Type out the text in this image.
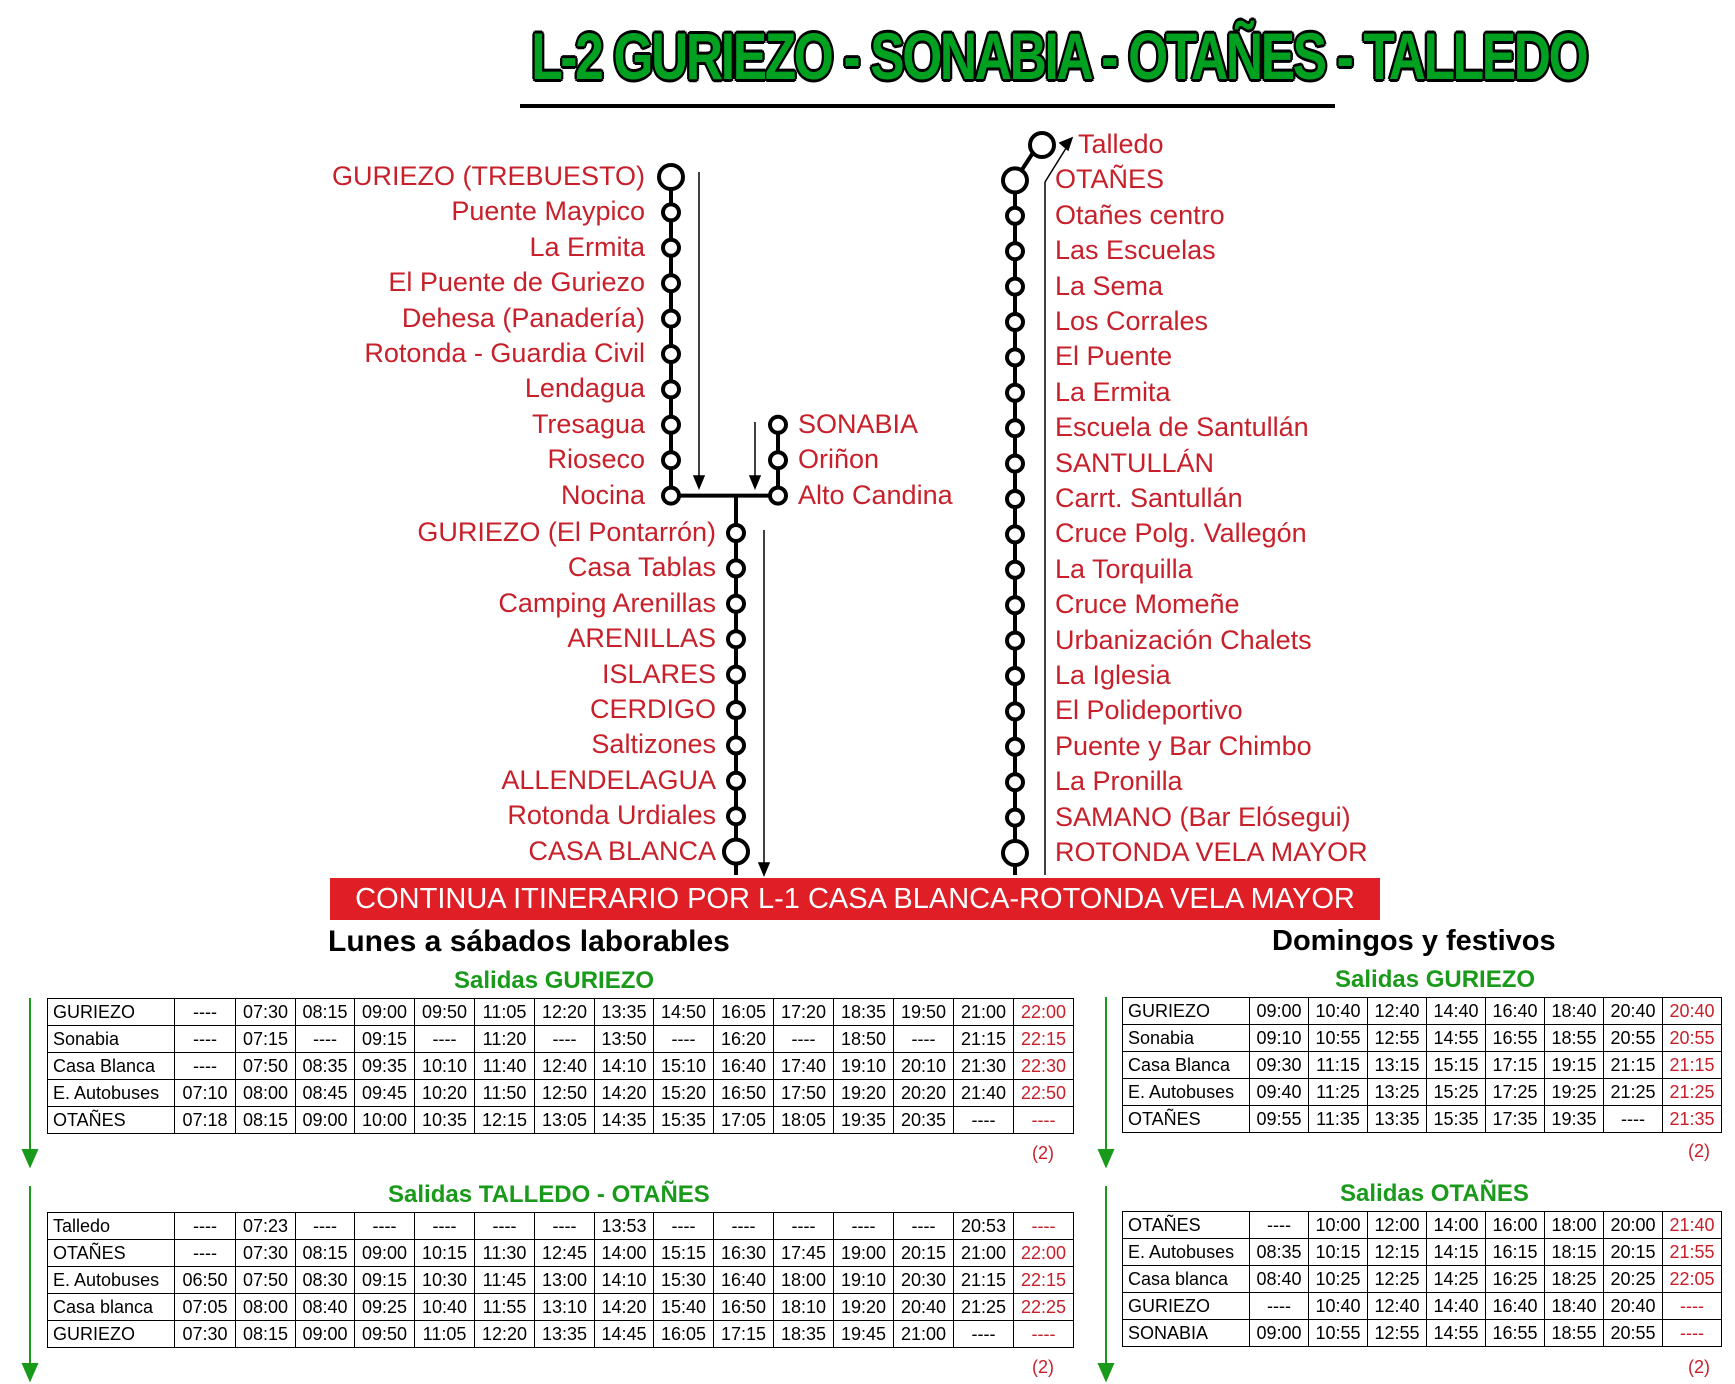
L-2 GURIEZO - SONABIA - OTAÑES - TALLEDO
GURIEZO (TREBUESTO)
Puente Maypico
La Ermita
El Puente de Guriezo
Dehesa (Panadería)
Rotonda - Guardia Civil
Lendagua
Tresagua
Rioseco
Nocina
SONABIA
Oriñon
Alto Candina
GURIEZO (El Pontarrón)
Casa Tablas
Camping Arenillas
ARENILLAS
ISLARES
CERDIGO
Saltizones
ALLENDELAGUA
Rotonda Urdiales
CASA BLANCA
Talledo
OTAÑES
Otañes centro
Las Escuelas
La Sema
Los Corrales
El Puente
La Ermita
Escuela de Santullán
SANTULLÁN
Carrt. Santullán
Cruce Polg. Vallegón
La Torquilla
Cruce Momeñe
Urbanización Chalets
La Iglesia
El Polideportivo
Puente y Bar Chimbo
La Pronilla
SAMANO (Bar Elósegui)
ROTONDA VELA MAYOR
CONTINUA ITINERARIO POR L-1 CASA BLANCA-ROTONDA VELA MAYOR
Lunes a sábados laborables	Domingos y festivos
Salidas GURIEZO
Salidas TALLEDO - OTAÑES
Salidas GURIEZO
Salidas OTAÑES
GURIEZO	----	07:30	08:15	09:00	09:50	11:05	12:20	13:35	14:50	16:05	17:20	18:35	19:50	21:00	22:00
Sonabia	----	07:15	----	09:15	----	11:20	----	13:50	----	16:20	----	18:50	----	21:15	22:15
Casa Blanca	----	07:50	08:35	09:35	10:10	11:40	12:40	14:10	15:10	16:40	17:40	19:10	20:10	21:30	22:30
E. Autobuses	07:10	08:00	08:45	09:45	10:20	11:50	12:50	14:20	15:20	16:50	17:50	19:20	20:20	21:40	22:50
OTAÑES	07:18	08:15	09:00	10:00	10:35	12:15	13:05	14:35	15:35	17:05	18:05	19:35	20:35	----	----
Talledo	----	07:23	----	----	----	----	----	13:53	----	----	----	----	----	20:53	----
OTAÑES	----	07:30	08:15	09:00	10:15	11:30	12:45	14:00	15:15	16:30	17:45	19:00	20:15	21:00	22:00
E. Autobuses	06:50	07:50	08:30	09:15	10:30	11:45	13:00	14:10	15:30	16:40	18:00	19:10	20:30	21:15	22:15
Casa blanca	07:05	08:00	08:40	09:25	10:40	11:55	13:10	14:20	15:40	16:50	18:10	19:20	20:40	21:25	22:25
GURIEZO	07:30	08:15	09:00	09:50	11:05	12:20	13:35	14:45	16:05	17:15	18:35	19:45	21:00	----	----
GURIEZO	09:00	10:40	12:40	14:40	16:40	18:40	20:40	20:40
Sonabia	09:10	10:55	12:55	14:55	16:55	18:55	20:55	20:55
Casa Blanca	09:30	11:15	13:15	15:15	17:15	19:15	21:15	21:15
E. Autobuses	09:40	11:25	13:25	15:25	17:25	19:25	21:25	21:25
OTAÑES	09:55	11:35	13:35	15:35	17:35	19:35	----	21:35
OTAÑES	----	10:00	12:00	14:00	16:00	18:00	20:00	21:40
E. Autobuses	08:35	10:15	12:15	14:15	16:15	18:15	20:15	21:55
Casa blanca	08:40	10:25	12:25	14:25	16:25	18:25	20:25	22:05
GURIEZO	----	10:40	12:40	14:40	16:40	18:40	20:40	----
SONABIA	09:00	10:55	12:55	14:55	16:55	18:55	20:55	----
(2)
(2)
(2)
(2)
